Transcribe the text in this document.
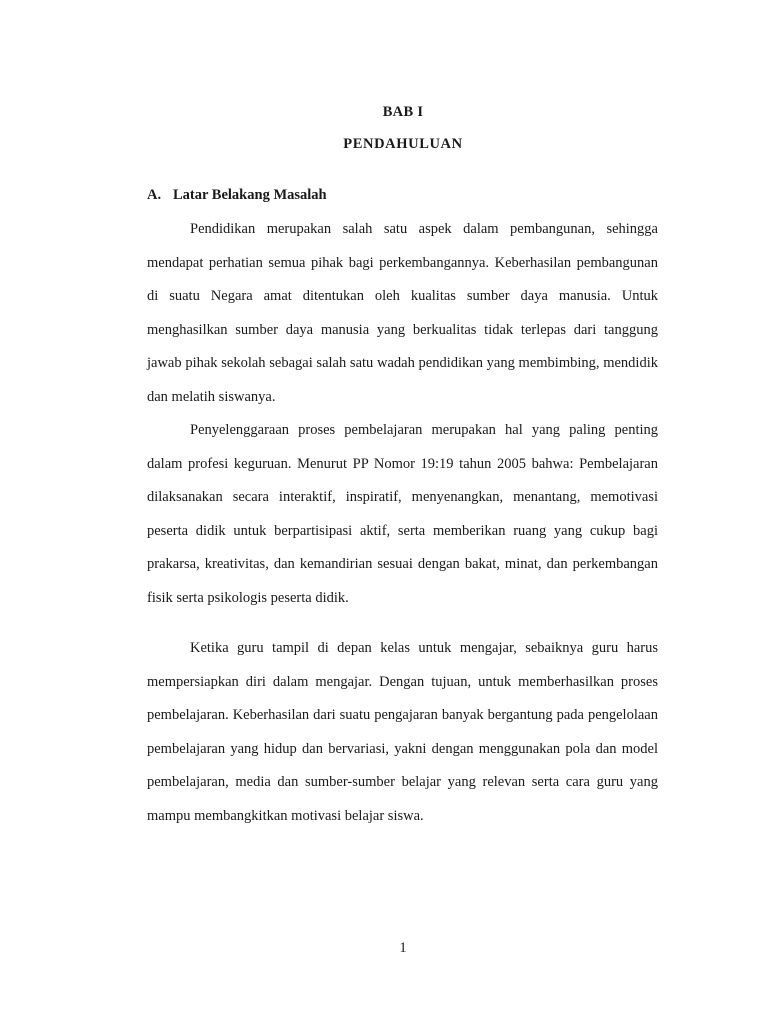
BAB I
PENDAHULUAN
A. Latar Belakang Masalah

Pendidikan merupakan salah satu aspek dalam pembangunan, sehingga mendapat perhatian semua pihak bagi perkembangannya. Keberhasilan pembangunan di suatu Negara amat ditentukan oleh kualitas sumber daya manusia. Untuk menghasilkan sumber daya manusia yang berkualitas tidak terlepas dari tanggung jawab pihak sekolah sebagai salah satu wadah pendidikan yang membimbing, mendidik dan melatih siswanya.

Penyelenggaraan proses pembelajaran merupakan hal yang paling penting dalam profesi keguruan. Menurut PP Nomor 19:19 tahun 2005 bahwa: Pembelajaran dilaksanakan secara interaktif, inspiratif, menyenangkan, menantang, memotivasi peserta didik untuk berpartisipasi aktif, serta memberikan ruang yang cukup bagi prakarsa, kreativitas, dan kemandirian sesuai dengan bakat, minat, dan perkembangan fisik serta psikologis peserta didik.

Ketika guru tampil di depan kelas untuk mengajar, sebaiknya guru harus mempersiapkan diri dalam mengajar. Dengan tujuan, untuk memberhasilkan proses pembelajaran. Keberhasilan dari suatu pengajaran banyak bergantung pada pengelolaan pembelajaran yang hidup dan bervariasi, yakni dengan menggunakan pola dan model pembelajaran, media dan sumber-sumber belajar yang relevan serta cara guru yang mampu membangkitkan motivasi belajar siswa.

1
